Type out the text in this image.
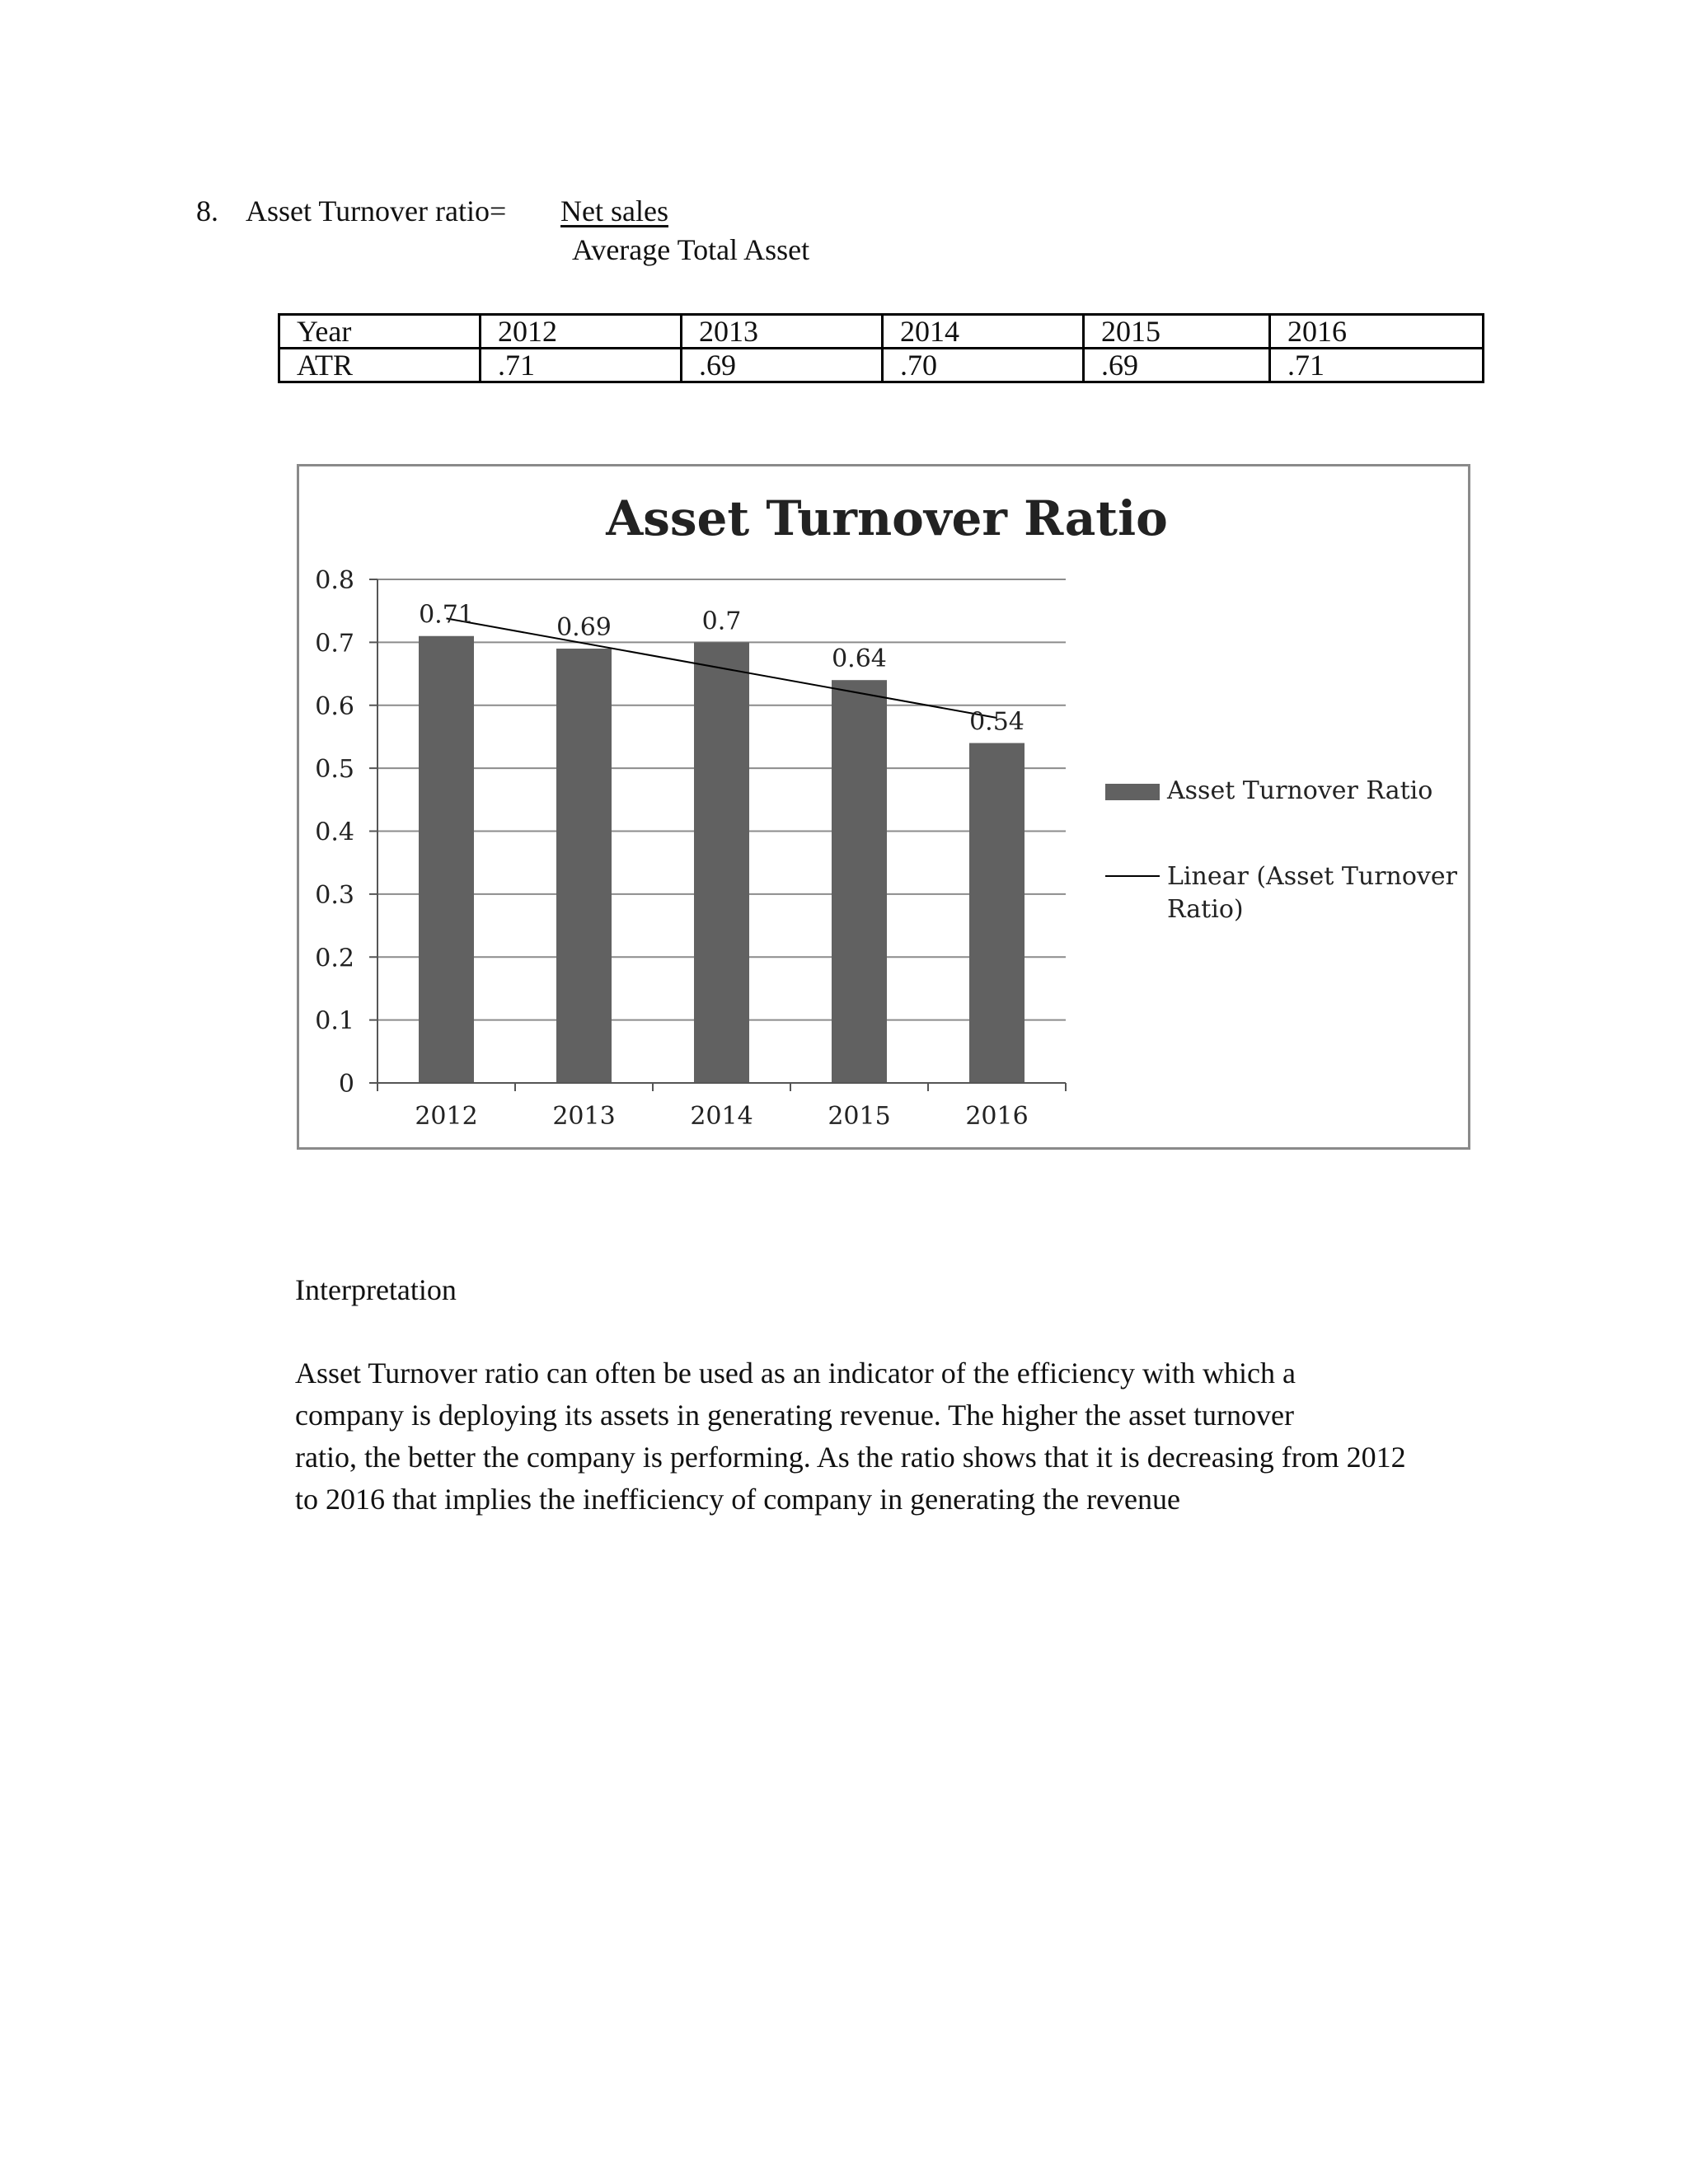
8. Asset Turnover ratio= Net sales
Average Total Asset
Year	2012	2013	2014	2015	2016
ATR	.71	.69	.70	.69	.71
Asset Turnover Ratio
0
0.1
0.2
0.3
0.4
0.5
0.6
0.7
0.8
0.71
2012
0.69
2013
0.7
2014
0.64
2015
0.54
2016
Asset Turnover Ratio
Linear (Asset Turnover
Ratio)
Interpretation
Asset Turnover ratio can often be used as an indicator of the efficiency with which a
company is deploying its assets in generating revenue. The higher the asset turnover
ratio, the better the company is performing. As the ratio shows that it is decreasing from 2012
to 2016 that implies the inefficiency of company in generating the revenue
